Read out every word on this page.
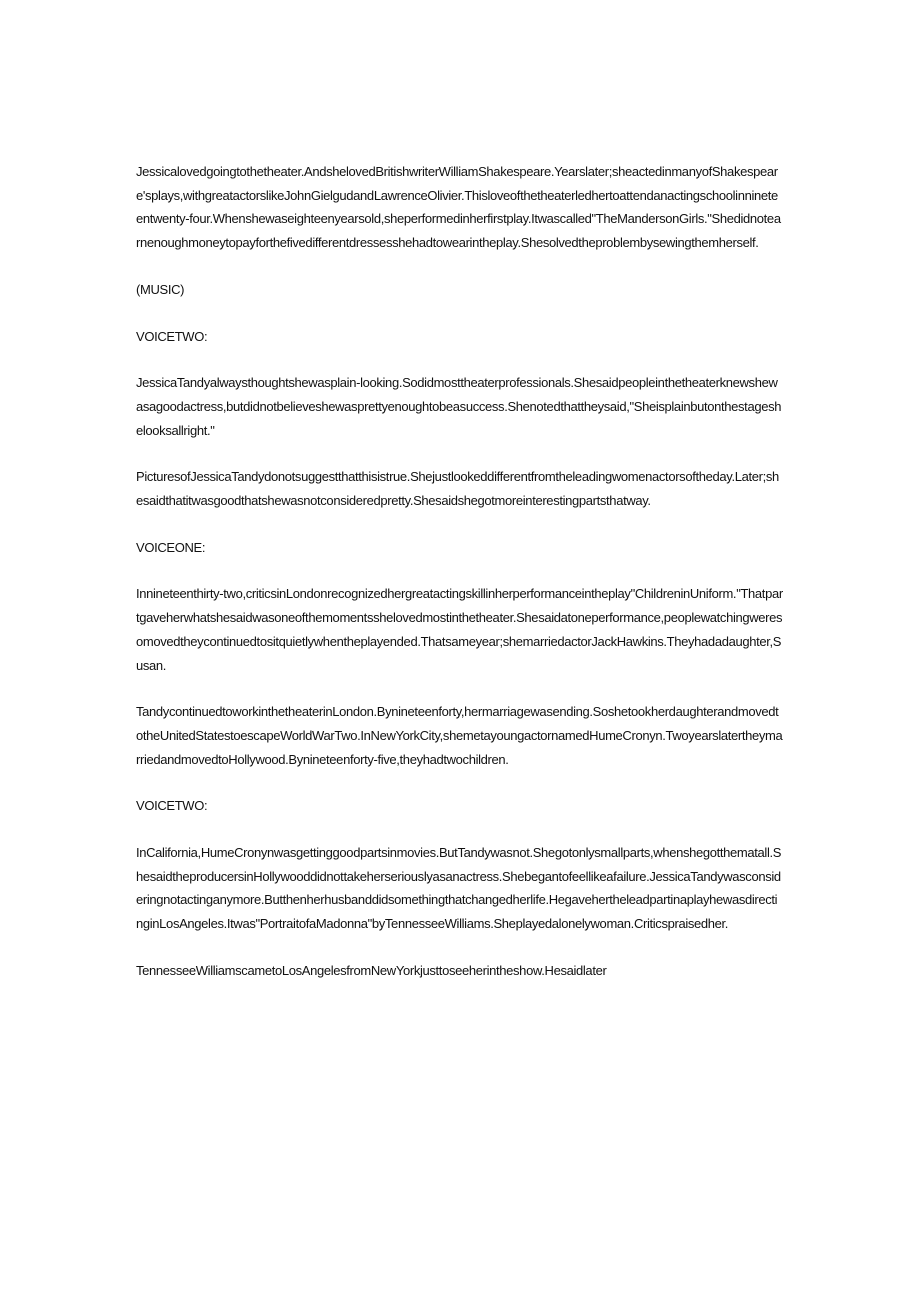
Jessicalovedgoingtothetheater.AndshelovedBritishwriterWilliamShakespeare.Yearslater;sheactedinmanyofShakespeare'splays,withgreatactorslikeJohnGielgudandLawrenceOlivier.Thisloveofthetheaterledhertoattendanactingschoolinnineteentwenty-four.Whenshewaseighteenyearsold,sheperformedinherfirstplay.Itwascalled"TheMandersonGirls."Shedidnotearnenoughmoneytopayforthefivedifferentdressesshehadtowearintheplay.Shesolvedtheproblembysewingthemherself.

(MUSIC)

VOICETWO:

JessicaTandyalwaysthoughtshewasplain-looking.Sodidmosttheaterprofessionals.Shesaidpeopleinthetheaterknewshewasagoodactress,butdidnotbelieveshewasprettyenoughtobeasuccess.Shenotedthattheysaid,"Sheisplainbutonthestageshelooksallright."

PicturesofJessicaTandydonotsuggestthatthisistrue.Shejustlookeddifferentfromtheleadingwomenactorsoftheday.Later;shesaidthatitwasgoodthatshewasnotconsideredpretty.Shesaidshegotmoreinterestingpartsthatway.

VOICEONE:

Innineteenthirty-two,criticsinLondonrecognizedhergreatactingskillinherperformanceintheplay"ChildreninUniform."Thatpartgaveherwhatshesaidwasoneofthemomentsshelovedmostinthetheater.Shesaidatoneperformance,peoplewatchingweresomovedtheycontinuedtositquietlywhentheplayended.Thatsameyear;shemarriedactorJackHawkins.Theyhadadaughter,Susan.

TandycontinuedtoworkinthetheaterinLondon.Bynineteenforty,hermarriagewasending.SoshetookherdaughterandmovedtotheUnitedStatestoescapeWorldWarTwo.InNewYorkCity,shemetayoungactornamedHumeCronyn.TwoyearslatertheymarriedandmovedtoHollywood.Bynineteenforty-five,theyhadtwochildren.

VOICETWO:

InCalifornia,HumeCronynwasgettinggoodpartsinmovies.ButTandywasnot.Shegotonlysmallparts,whenshegotthematall.ShesaidtheproducersinHollywooddidnottakeherseriouslyasanactress.Shebegantofeellikeafailure.JessicaTandywasconsideringnotactinganymore.Butthenherhusbanddidsomethingthatchangedherlife.HegavehertheleadpartinaplayhewasdirectinginLosAngeles.Itwas"PortraitofaMadonna"byTennesseeWilliams.Sheplayedalonelywoman.Criticspraisedher.

TennesseeWilliamscametoLosAngelesfromNewYorkjusttoseeherintheshow.Hesaidlater
